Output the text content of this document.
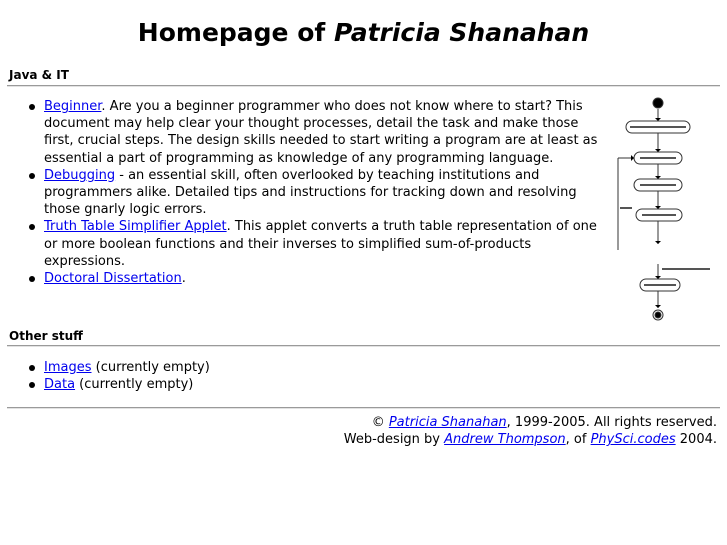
Homepage of Patricia Shanahan
Java & IT
Beginner. Are you a beginner programmer who does not know where to start? This document may help clear your thought processes, detail the task and make those first, crucial steps. The design skills needed to start writing a program are at least as essential a part of programming as knowledge of any programming language.
Debugging - an essential skill, often overlooked by teaching institutions and programmers alike. Detailed tips and instructions for tracking down and resolving those gnarly logic errors.
Truth Table Simplifier Applet. This applet converts a truth table representation of one or more boolean functions and their inverses to simplified sum-of-products expressions.
Doctoral Dissertation.
Other stuff
Images (currently empty)
Data (currently empty)
© Patricia Shanahan, 1999-2005. All rights reserved.
Web-design by Andrew Thompson, of PhySci.codes 2004.
